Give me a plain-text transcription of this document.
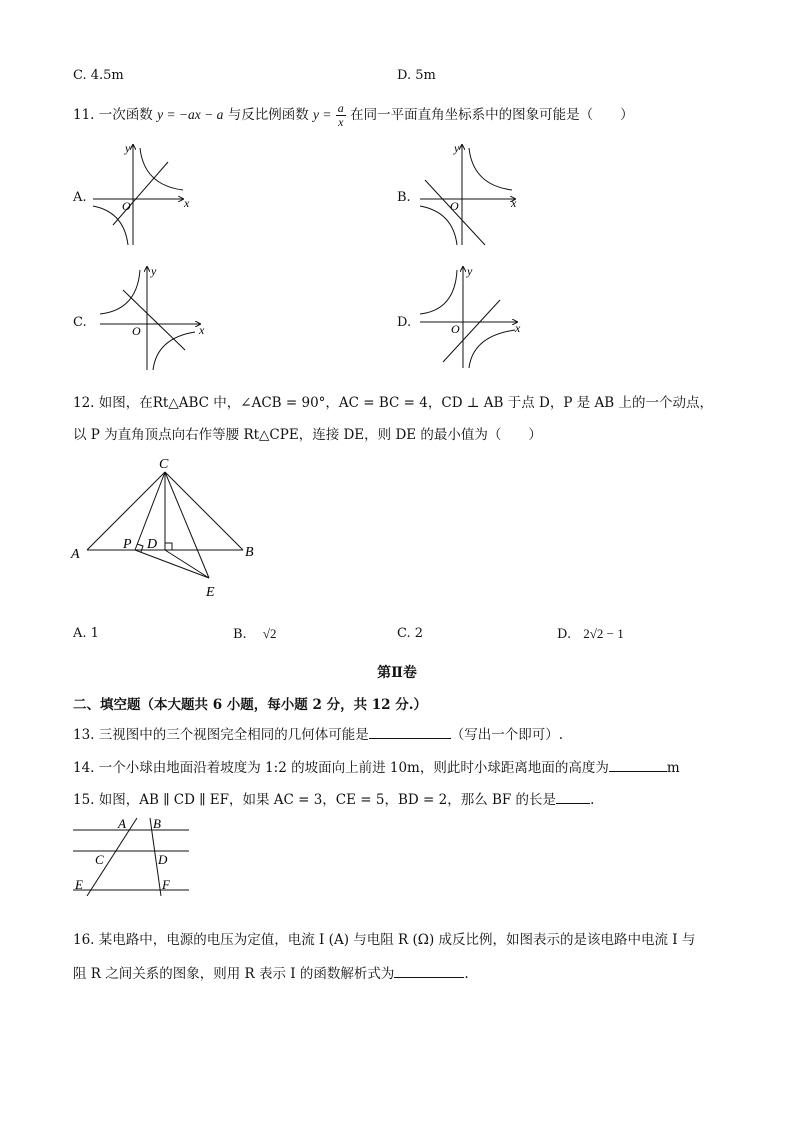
C. 4.5m	D. 5m
11. 一次函数 y = −ax − a 与反比例函数 $y = \frac{a}{x}$ 在同一平面直角坐标系中的图象可能是（　　）
A.	B.
C.	D.
x
y
O	x
y
O
x
y
O	x
y
O
12. 如图，在Rt△ABC 中，∠ACB = 90°，AC = BC = 4，CD ⊥ AB 于点 D，P 是 AB 上的一个动点，
以 P 为直角顶点向右作等腰 Rt△CPE，连接 DE，则 DE 的最小值为（　　）
C
A	B
P D
E
A. 1	B. √2	C. 2	D. 2√2 − 1
第Ⅱ卷
二、填空题（本大题共 6 小题，每小题 2 分，共 12 分.）
13. 三视图中的三个视图完全相同的几何体可能是	（写出一个即可）.
14. 一个小球由地面沿着坡度为 1:2 的坡面向上前进 10m，则此时小球距离地面的高度为	m
15. 如图，AB ∥ CD ∥ EF，如果 AC = 3，CE = 5，BD = 2，那么 BF 的长是	.
A B
C	D
E	F
16. 某电路中，电源的电压为定值，电流 I (A) 与电阻 R (Ω) 成反比例，如图表示的是该电路中电流 I 与
阻 R 之间关系的图象，则用 R 表示 I 的函数解析式为	.
